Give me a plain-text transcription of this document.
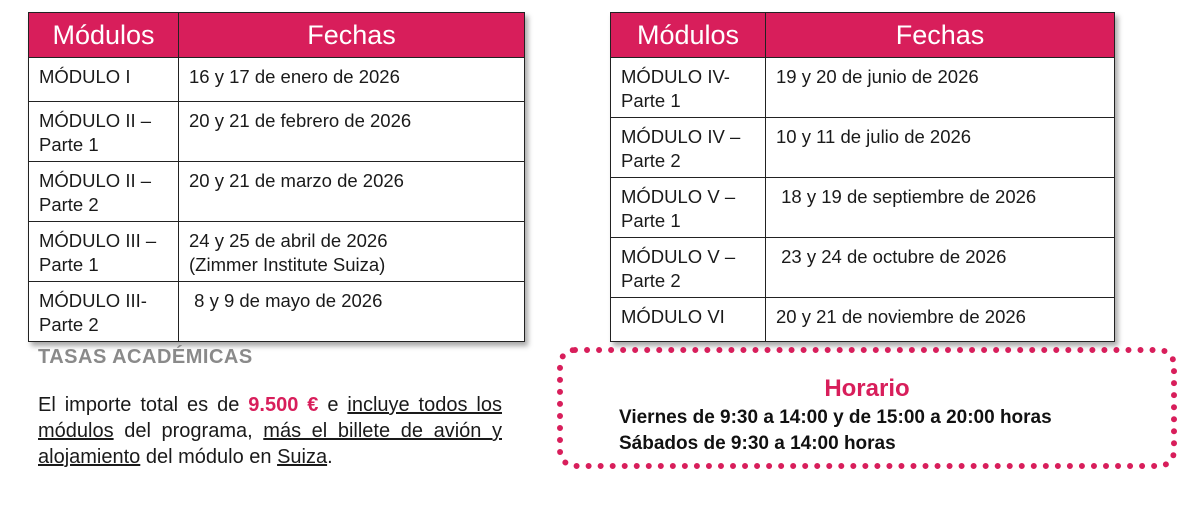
Módulos	Fechas
MÓDULO I	16 y 17 de enero de 2026
MÓDULO II – Parte 1	20 y 21 de febrero de 2026
MÓDULO II – Parte 2	20 y 21 de marzo de 2026
MÓDULO III – Parte 1	24 y 25 de abril de 2026
(Zimmer Institute Suiza)

MÓDULO III- Parte 2	8 y 9 de mayo de 2026
Módulos	Fechas
MÓDULO IV- Parte 1	19 y 20 de junio de 2026
MÓDULO IV – Parte 2	10 y 11 de julio de 2026
MÓDULO V – Parte 1	18 y 19 de septiembre de 2026
MÓDULO V – Parte 2	23 y 24 de octubre de 2026
MÓDULO VI	20 y 21 de noviembre de 2026
TASAS ACADÉMICAS
El importe total es de 9.500 € e incluye todos los módulos del programa, más el billete de avión y alojamiento del módulo en Suiza.
Horario
Viernes de 9:30 a 14:00 y de 15:00 a 20:00 horas
Sábados de 9:30 a 14:00 horas
